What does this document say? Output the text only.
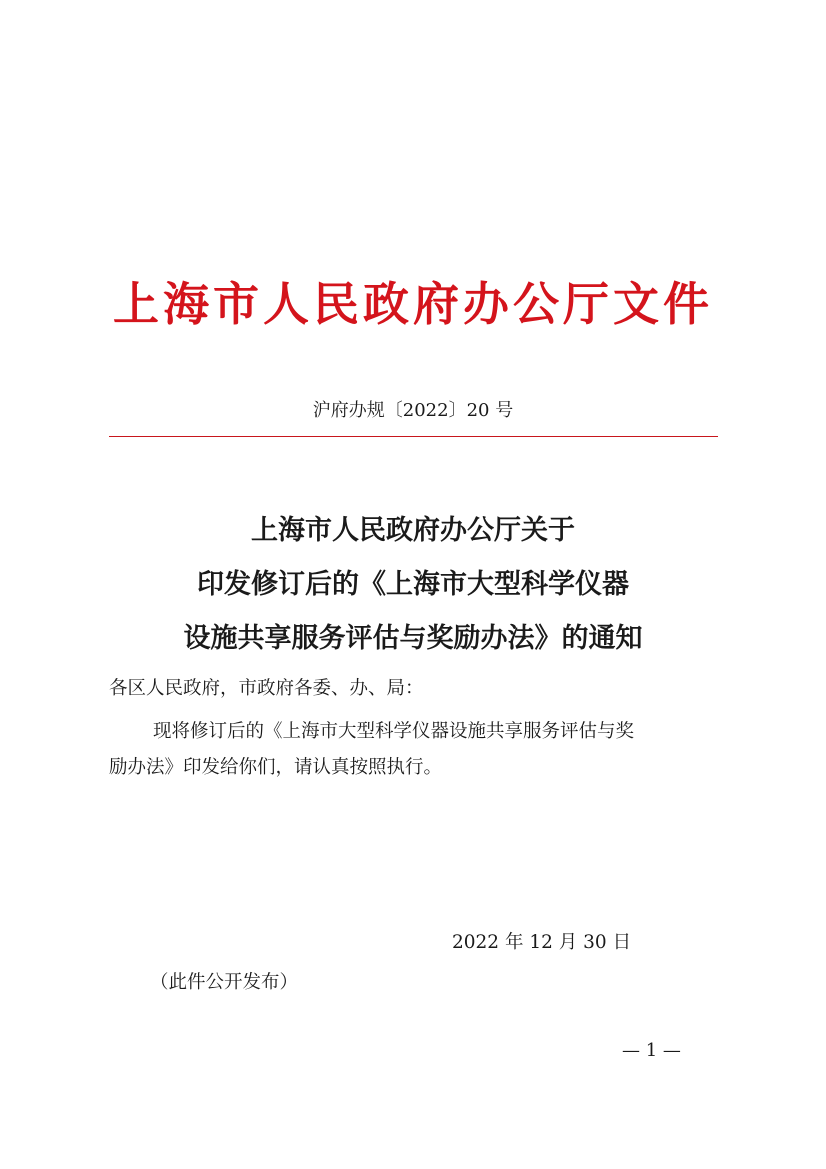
上海市人民政府办公厅文件
沪府办规〔2022〕20 号
上海市人民政府办公厅关于
印发修订后的《上海市大型科学仪器
设施共享服务评估与奖励办法》的通知
各区人民政府，市政府各委、办、局：
现将修订后的《上海市大型科学仪器设施共享服务评估与奖
励办法》印发给你们，请认真按照执行。
2022 年 12 月 30 日
（此件公开发布）
— 1 —
